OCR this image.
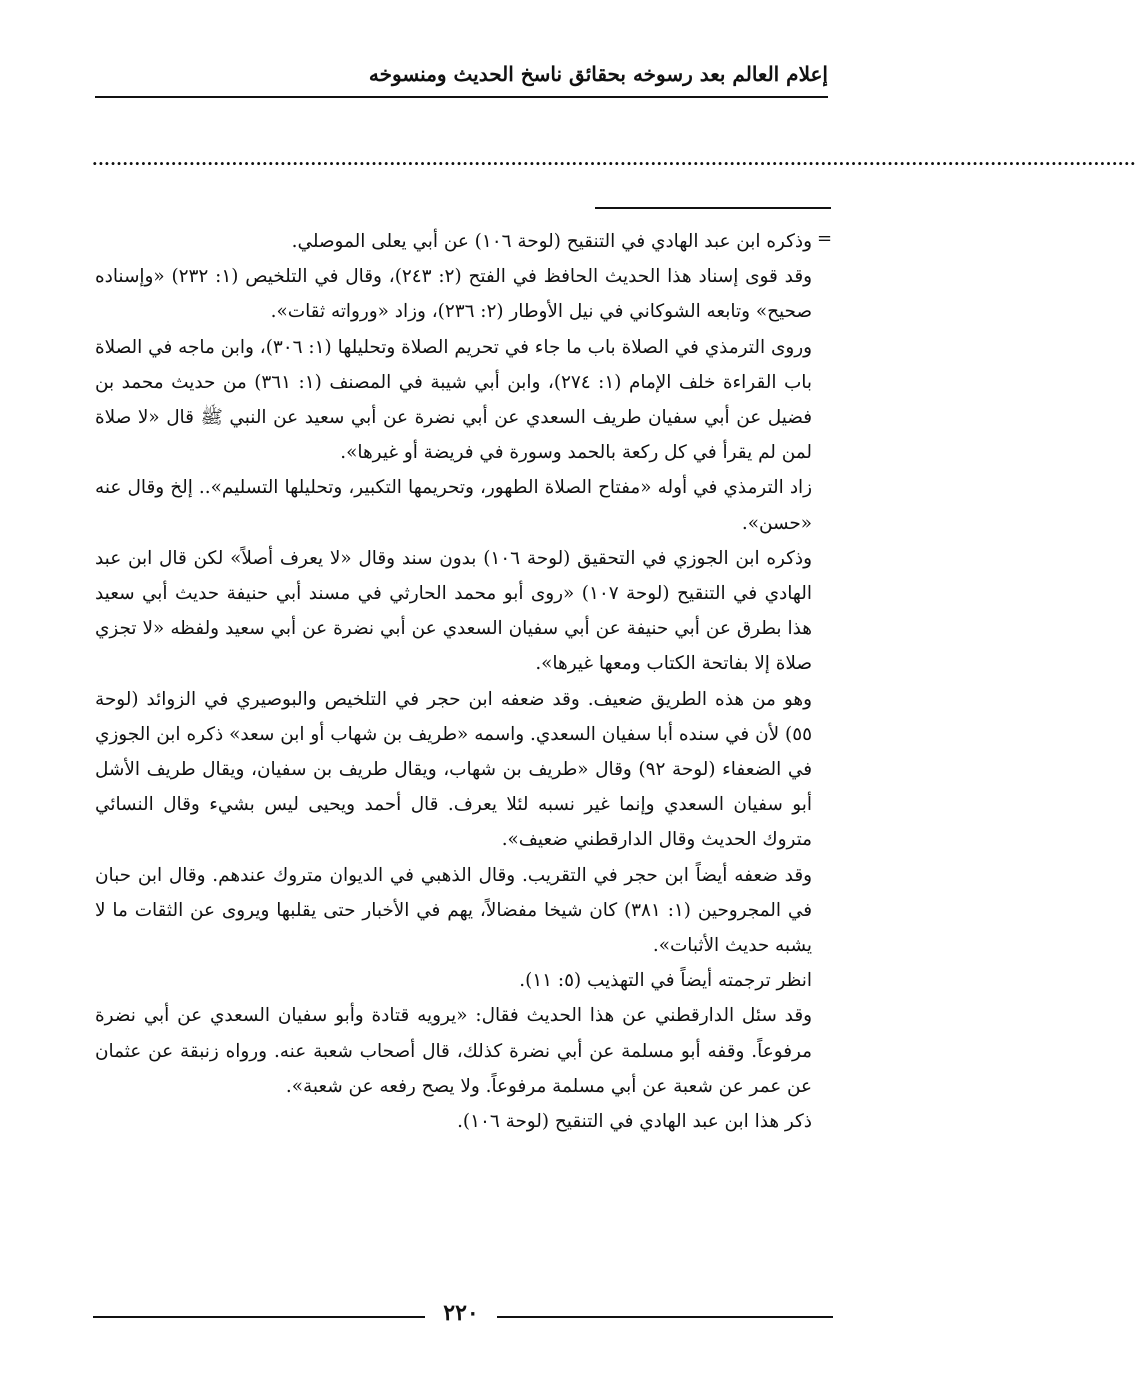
إعلام العالم بعد رسوخه بحقائق ناسخ الحديث ومنسوخه
............................................................................................................................................................................
=

وذكره ابن عبد الهادي في التنقيح (لوحة ١٠٦) عن أبي يعلى الموصلي.

وقد قوى إسناد هذا الحديث الحافظ في الفتح (٢: ٢٤٣)، وقال في التلخيص (١: ٢٣٢) «وإسناده صحيح» وتابعه الشوكاني في نيل الأوطار (٢: ٢٣٦)، وزاد «ورواته ثقات».

وروى الترمذي في الصلاة باب ما جاء في تحريم الصلاة وتحليلها (١: ٣٠٦)، وابن ماجه في الصلاة باب القراءة خلف الإمام (١: ٢٧٤)، وابن أبي شيبة في المصنف (١: ٣٦١) من حديث محمد بن فضيل عن أبي سفيان طريف السعدي عن أبي نضرة عن أبي سعيد عن النبي ﷺ قال «لا صلاة لمن لم يقرأ في كل ركعة بالحمد وسورة في فريضة أو غيرها».

زاد الترمذي في أوله «مفتاح الصلاة الطهور، وتحريمها التكبير، وتحليلها التسليم».. إلخ وقال عنه «حسن».

وذكره ابن الجوزي في التحقيق (لوحة ١٠٦) بدون سند وقال «لا يعرف أصلاً» لكن قال ابن عبد الهادي في التنقيح (لوحة ١٠٧) «روى أبو محمد الحارثي في مسند أبي حنيفة حديث أبي سعيد هذا بطرق عن أبي حنيفة عن أبي سفيان السعدي عن أبي نضرة عن أبي سعيد ولفظه «لا تجزي صلاة إلا بفاتحة الكتاب ومعها غيرها».

وهو من هذه الطريق ضعيف. وقد ضعفه ابن حجر في التلخيص والبوصيري في الزوائد (لوحة ٥٥) لأن في سنده أبا سفيان السعدي. واسمه «طريف بن شهاب أو ابن سعد» ذكره ابن الجوزي في الضعفاء (لوحة ٩٢) وقال «طريف بن شهاب، ويقال طريف بن سفيان، ويقال طريف الأشل أبو سفيان السعدي وإنما غير نسبه لئلا يعرف. قال أحمد ويحيى ليس بشيء وقال النسائي متروك الحديث وقال الدارقطني ضعيف».

وقد ضعفه أيضاً ابن حجر في التقريب. وقال الذهبي في الديوان متروك عندهم. وقال ابن حبان في المجروحين (١: ٣٨١) كان شيخا مفضالاً، يهم في الأخبار حتى يقلبها ويروى عن الثقات ما لا يشبه حديث الأثبات».

انظر ترجمته أيضاً في التهذيب (٥: ١١).

وقد سئل الدارقطني عن هذا الحديث فقال: «يرويه قتادة وأبو سفيان السعدي عن أبي نضرة مرفوعاً. وقفه أبو مسلمة عن أبي نضرة كذلك، قال أصحاب شعبة عنه. ورواه زنبقة عن عثمان عن عمر عن شعبة عن أبي مسلمة مرفوعاً. ولا يصح رفعه عن شعبة».

ذكر هذا ابن عبد الهادي في التنقيح (لوحة ١٠٦).

٢٢٠
